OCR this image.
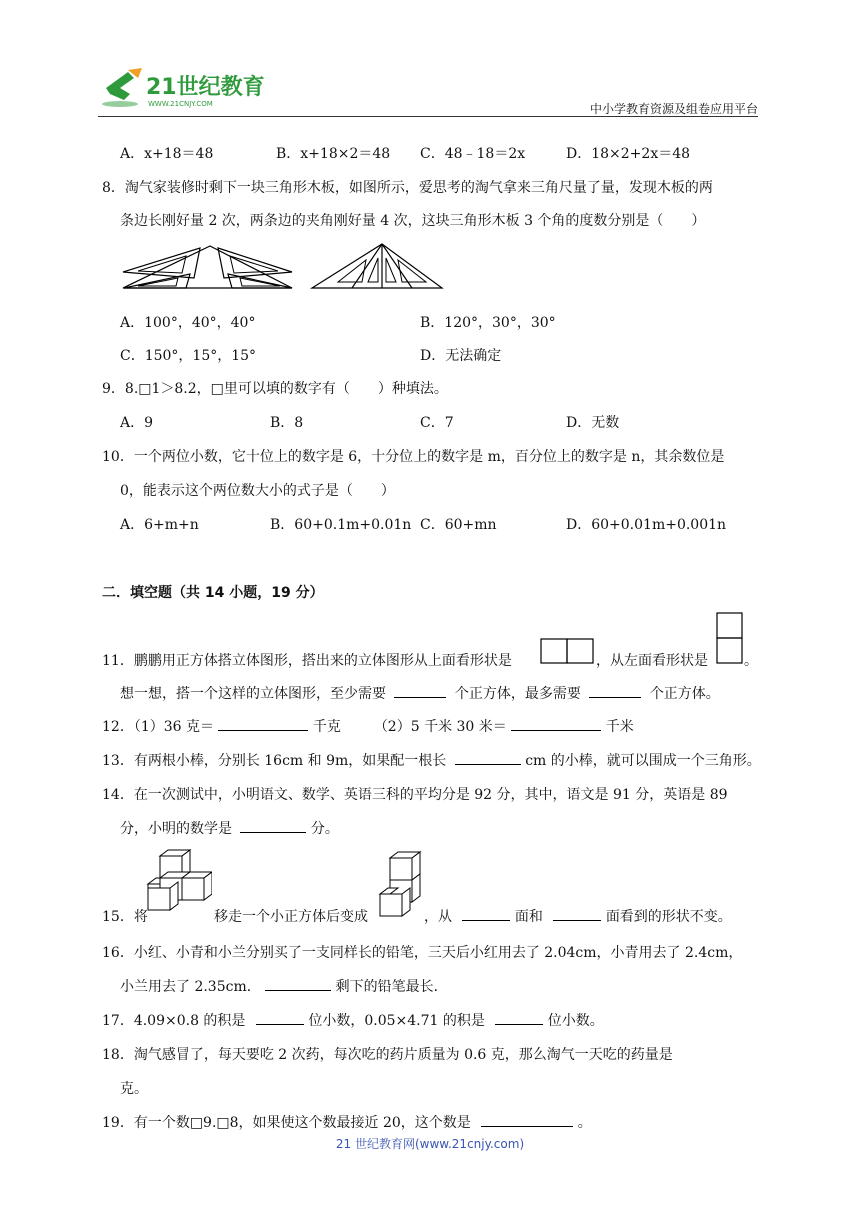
21世纪教育
WWW.21CNJY.COM	中小学教育资源及组卷应用平台
A．x+18＝48	B．x+18×2＝48 C．48﹣18＝2x	D．18×2+2x＝48
8．淘气家装修时剩下一块三角形木板，如图所示，爱思考的淘气拿来三角尺量了量，发现木板的两
条边长刚好量 2 次，两条边的夹角刚好量 4 次，这块三角形木板 3 个角的度数分别是（　　）
A．100°，40°，40°	B．120°，30°，30°
C．150°，15°，15°	D．无法确定
9．8.□1＞8.2，□里可以填的数字有（　　）种填法。
A．9	B．8	C．7	D．无数
10．一个两位小数，它十位上的数字是 6，十分位上的数字是 m，百分位上的数字是 n，其余数位是
0，能表示这个两位数大小的式子是（　　）
A．6+m+n	B．60+0.1m+0.01n C．60+mn	D．60+0.01m+0.001n
二．填空题（共 14 小题，19 分）
11．鹏鹏用正方体搭立体图形，搭出来的立体图形从上面看形状是	，从左面看形状是	。
想一想，搭一个这样的立体图形，至少需要	个正方体，最多需要	个正方体。
12．（1）36 克＝	千克 （2）5 千米 30 米＝	千米
13．有两根小棒，分别长 16cm 和 9m，如果配一根长	cm 的小棒，就可以围成一个三角形。
14．在一次测试中，小明语文、数学、英语三科的平均分是 92 分，其中，语文是 91 分，英语是 89
分，小明的数学是	分。
15．将	移走一个小正方体后变成	，从	面和	面看到的形状不变。
16．小红、小青和小兰分别买了一支同样长的铅笔，三天后小红用去了 2.04cm，小青用去了 2.4cm，
小兰用去了 2.35cm．	剩下的铅笔最长．
17．4.09×0.8 的积是	位小数，0.05×4.71 的积是	位小数。
18．淘气感冒了，每天要吃 2 次药，每次吃的药片质量为 0.6 克，那么淘气一天吃的药量是
克。
19．有一个数□9.□8，如果使这个数最接近 20，这个数是	。
21 世纪教育网(www.21cnjy.com)
